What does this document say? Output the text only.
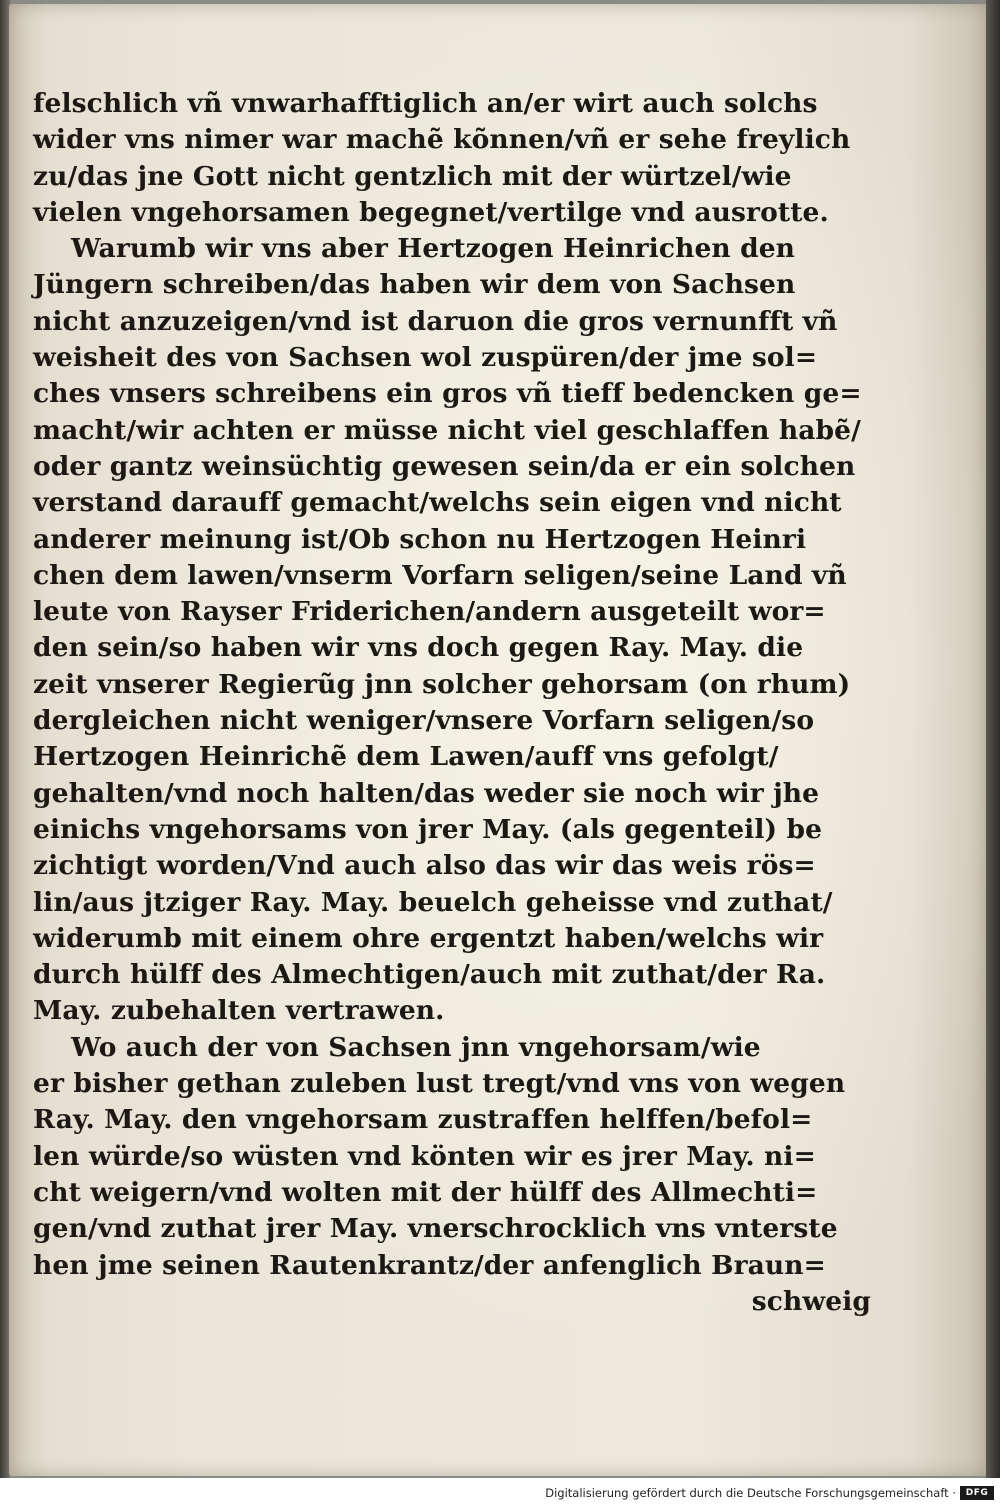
felschlich vñ vnwarhafftiglich an/er wirt auch solchs
wider vns nimer war machẽ kõnnen/vñ er sehe freylich
zu/das jne Gott nicht gentzlich mit der würtzel/wie
vielen vngehorsamen begegnet/vertilge vnd ausrotte.
Warumb wir vns aber Hertzogen Heinrichen den
Jüngern schreiben/das haben wir dem von Sachsen
nicht anzuzeigen/vnd ist daruon die gros vernunfft vñ
weisheit des von Sachsen wol zuspüren/der jme sol=
ches vnsers schreibens ein gros vñ tieff bedencken ge=
macht/wir achten er müsse nicht viel geschlaffen habẽ/
oder gantz weinsüchtig gewesen sein/da er ein solchen
verstand darauff gemacht/welchs sein eigen vnd nicht
anderer meinung ist/Ob schon nu Hertzogen Heinri
chen dem lawen/vnserm Vorfarn seligen/seine Land vñ
leute von Rayser Friderichen/andern ausgeteilt wor=
den sein/so haben wir vns doch gegen Ray. May. die
zeit vnserer Regierũg jnn solcher gehorsam (on rhum)
dergleichen nicht weniger/vnsere Vorfarn seligen/so
Hertzogen Heinrichẽ dem Lawen/auff vns gefolgt/
gehalten/vnd noch halten/das weder sie noch wir jhe
einichs vngehorsams von jrer May. (als gegenteil) be
zichtigt worden/Vnd auch also das wir das weis rös=
lin/aus jtziger Ray. May. beuelch geheisse vnd zuthat/
widerumb mit einem ohre ergentzt haben/welchs wir
durch hülff des Almechtigen/auch mit zuthat/der Ra.
May. zubehalten vertrawen.
Wo auch der von Sachsen jnn vngehorsam/wie
er bisher gethan zuleben lust tregt/vnd vns von wegen
Ray. May. den vngehorsam zustraffen helffen/befol=
len würde/so wüsten vnd könten wir es jrer May. ni=
cht weigern/vnd wolten mit der hülff des Allmechti=
gen/vnd zuthat jrer May. vnerschrocklich vns vnterste
hen jme seinen Rautenkrantz/der anfenglich Braun=
schweig
Digitalisierung gefördert durch die Deutsche Forschungsgemeinschaft ·	DFG
